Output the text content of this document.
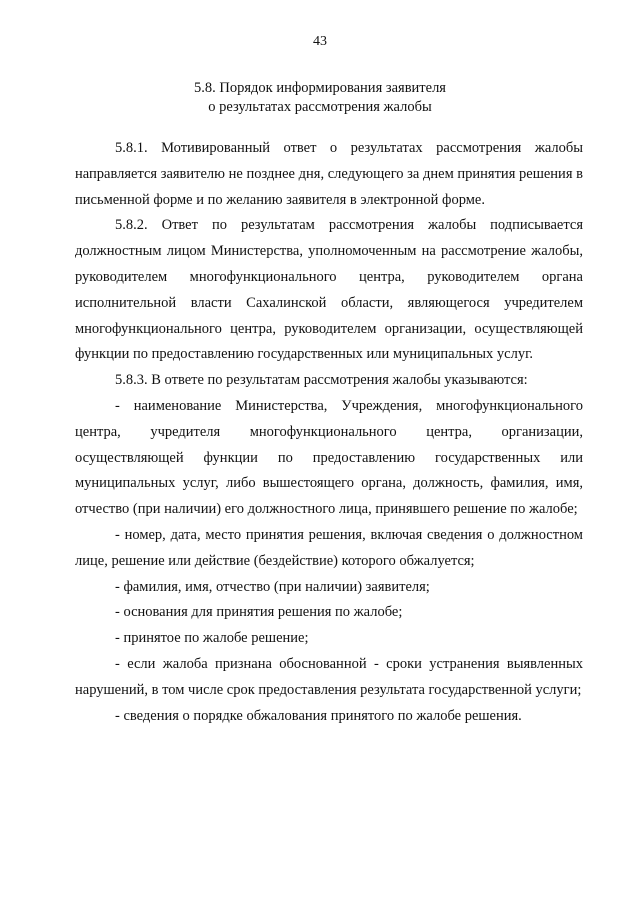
43
5.8. Порядок информирования заявителя
о результатах рассмотрения жалобы

5.8.1. Мотивированный ответ о результатах рассмотрения жалобы направляется заявителю не позднее дня, следующего за днем принятия решения в письменной форме и по желанию заявителя в электронной форме.

5.8.2. Ответ по результатам рассмотрения жалобы подписывается должностным лицом Министерства, уполномоченным на рассмотрение жалобы, руководителем многофункционального центра, руководителем органа исполнительной власти Сахалинской области, являющегося учредителем многофункционального центра, руководителем организации, осуществляющей функции по предоставлению государственных или муниципальных услуг.

5.8.3. В ответе по результатам рассмотрения жалобы указываются:

- наименование Министерства, Учреждения, многофункционального центра, учредителя многофункционального центра, организации, осуществляющей функции по предоставлению государственных или муниципальных услуг, либо вышестоящего органа, должность, фамилия, имя, отчество (при наличии) его должностного лица, принявшего решение по жалобе;

- номер, дата, место принятия решения, включая сведения о должностном лице, решение или действие (бездействие) которого обжалуется;

- фамилия, имя, отчество (при наличии) заявителя;

- основания для принятия решения по жалобе;

- принятое по жалобе решение;

- если жалоба признана обоснованной - сроки устранения выявленных нарушений, в том числе срок предоставления результата государственной услуги;

- сведения о порядке обжалования принятого по жалобе решения.
